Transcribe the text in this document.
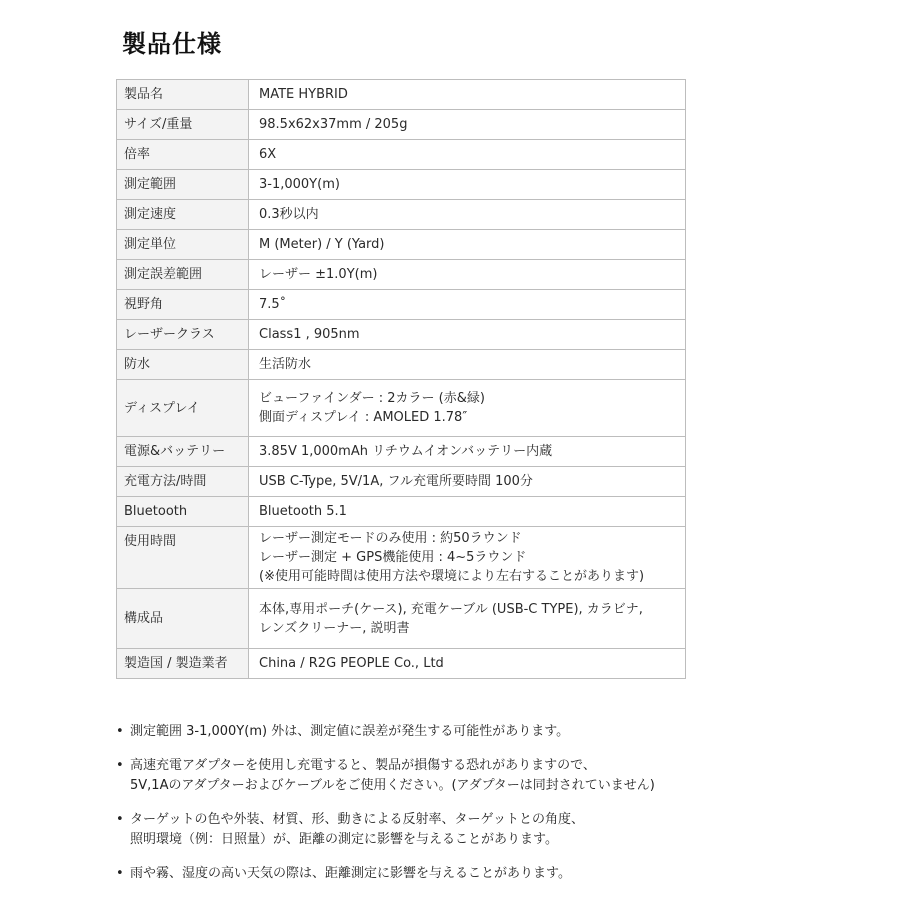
製品仕様
製品名	MATE HYBRID

サイズ/重量	98.5x62x37mm / 205g

倍率	6X

測定範囲	3-1,000Y(m)

測定速度	0.3秒以内

測定単位	M (Meter) / Y (Yard)

測定誤差範囲	レーザー ±1.0Y(m)

視野角	7.5˚

レーザークラス	Class1 , 905nm

防水	生活防水

ディスプレイ	ビューファインダー : 2カラー (赤&緑)
側面ディスプレイ : AMOLED 1.78″

電源&バッテリー	3.85V 1,000mAh リチウムイオンバッテリー内蔵

充電方法/時間	USB C-Type, 5V/1A, フル充電所要時間 100分

Bluetooth	Bluetooth 5.1

使用時間	レーザー測定モードのみ使用 : 約50ラウンド
レーザー測定 + GPS機能使用 : 4~5ラウンド
(※使用可能時間は使用方法や環境により左右することがあります)

構成品	本体,専用ポーチ(ケース), 充電ケーブル (USB-C TYPE), カラビナ,
レンズクリーナー, 説明書

製造国 / 製造業者	China / R2G PEOPLE Co., Ltd
• 測定範囲 3-1,000Y(m) 外は、測定値に誤差が発生する可能性があります。
• 高速充電アダプターを使用し充電すると、製品が損傷する恐れがありますので、
5V,1Aのアダプターおよびケーブルをご使用ください。(アダプターは同封されていません)
• ターゲットの色や外装、材質、形、動きによる反射率、ターゲットとの角度、
照明環境（例：日照量）が、距離の測定に影響を与えることがあります。
• 雨や霧、湿度の高い天気の際は、距離測定に影響を与えることがあります。
